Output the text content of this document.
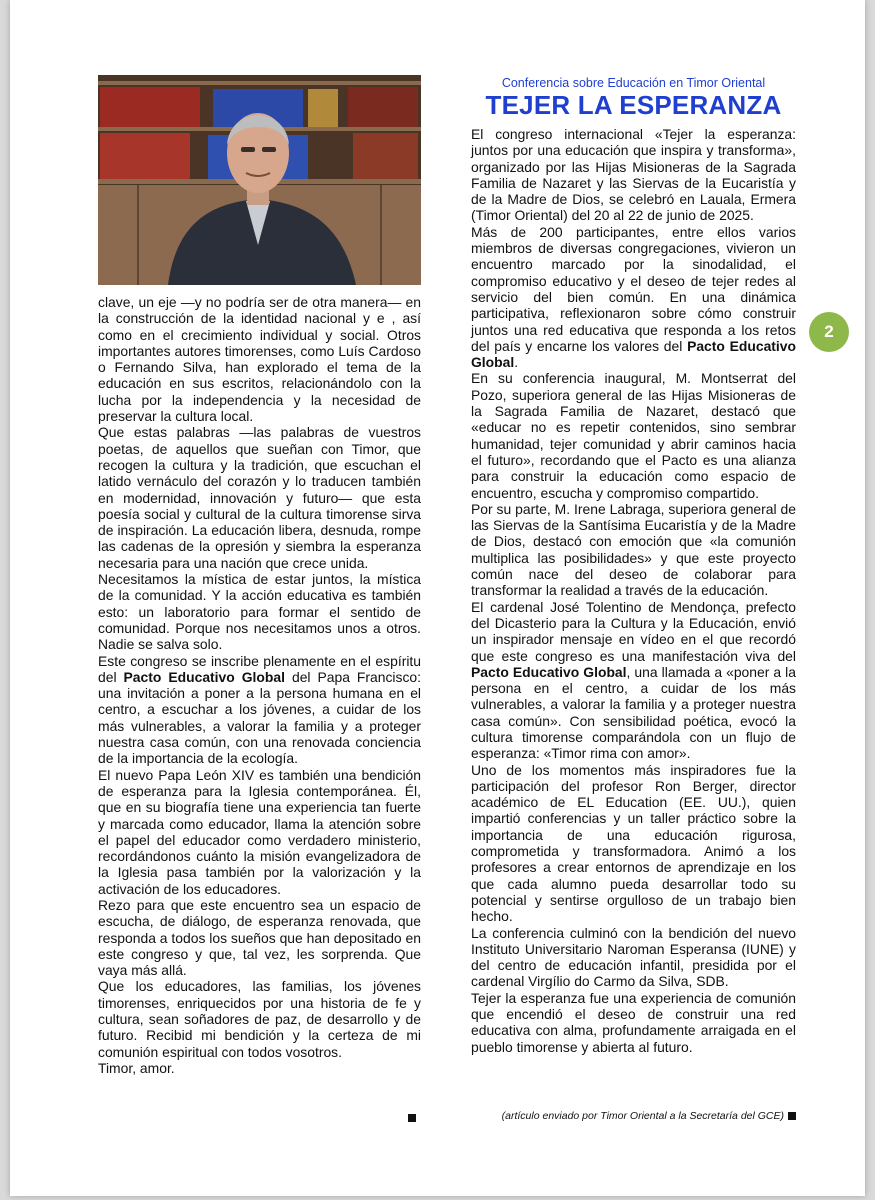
Conferencia sobre Educación en Timor Oriental
TEJER LA ESPERANZA

clave, un eje —y no podría ser de otra manera— en la construcción de la identidad nacional y e , así como en el crecimiento individual y social. Otros importantes autores timorenses, como Luís Cardoso o Fernando Silva, han explorado el tema de la educación en sus escritos, relacionándolo con la lucha por la independencia y la necesidad de preservar la cultura local.

Que estas palabras —las palabras de vuestros poetas, de aquellos que sueñan con Timor, que recogen la cultura y la tradición, que escuchan el latido vernáculo del corazón y lo traducen también en modernidad, innovación y futuro— que esta poesía social y cultural de la cultura timorense sirva de inspiración. La educación libera, desnuda, rompe las cadenas de la opresión y siembra la esperanza necesaria para una nación que crece unida.

Necesitamos la mística de estar juntos, la mística de la comunidad. Y la acción educativa es también esto: un laboratorio para formar el sentido de comunidad. Porque nos necesitamos unos a otros. Nadie se salva solo.

Este congreso se inscribe plenamente en el espíritu del Pacto Educativo Global del Papa Francisco: una invitación a poner a la persona humana en el centro, a escuchar a los jóvenes, a cuidar de los más vulnerables, a valorar la familia y a proteger nuestra casa común, con una renovada conciencia de la importancia de la ecología.

El nuevo Papa León XIV es también una bendición de esperanza para la Iglesia contemporánea. Él, que en su biografía tiene una experiencia tan fuerte y marcada como educador, llama la atención sobre el papel del educador como verdadero ministerio, recordándonos cuánto la misión evangelizadora de la Iglesia pasa también por la valorización y la activación de los educadores.

Rezo para que este encuentro sea un espacio de escucha, de diálogo, de esperanza renovada, que responda a todos los sueños que han depositado en este congreso y que, tal vez, les sorprenda. Que vaya más allá.

Que los educadores, las familias, los jóvenes timorenses, enriquecidos por una historia de fe y cultura, sean soñadores de paz, de desarrollo y de futuro. Recibid mi bendición y la certeza de mi comunión espiritual con todos vosotros.

Timor, amor.

El congreso internacional «Tejer la esperanza: juntos por una educación que inspira y transforma», organizado por las Hijas Misioneras de la Sagrada Familia de Nazaret y las Siervas de la Eucaristía y de la Madre de Dios, se celebró en Lauala, Ermera (Timor Oriental) del 20 al 22 de junio de 2025.

Más de 200 participantes, entre ellos varios miembros de diversas congregaciones, vivieron un encuentro marcado por la sinodalidad, el compromiso educativo y el deseo de tejer redes al servicio del bien común. En una dinámica participativa, reflexionaron sobre cómo construir juntos una red educativa que responda a los retos del país y encarne los valores del Pacto Educativo Global.

En su conferencia inaugural, M. Montserrat del Pozo, superiora general de las Hijas Misioneras de la Sagrada Familia de Nazaret, destacó que «educar no es repetir contenidos, sino sembrar humanidad, tejer comunidad y abrir caminos hacia el futuro», recordando que el Pacto es una alianza para construir la educación como espacio de encuentro, escucha y compromiso compartido.

Por su parte, M. Irene Labraga, superiora general de las Siervas de la Santísima Eucaristía y de la Madre de Dios, destacó con emoción que «la comunión multiplica las posibilidades» y que este proyecto común nace del deseo de colaborar para transformar la realidad a través de la educación.

El cardenal José Tolentino de Mendonça, prefecto del Dicasterio para la Cultura y la Educación, envió un inspirador mensaje en vídeo en el que recordó que este congreso es una manifestación viva del Pacto Educativo Global, una llamada a «poner a la persona en el centro, a cuidar de los más vulnerables, a valorar la familia y a proteger nuestra casa común». Con sensibilidad poética, evocó la cultura timorense comparándola con un flujo de esperanza: «Timor rima con amor».

Uno de los momentos más inspiradores fue la participación del profesor Ron Berger, director académico de EL Education (EE. UU.), quien impartió conferencias y un taller práctico sobre la importancia de una educación rigurosa, comprometida y transformadora. Animó a los profesores a crear entornos de aprendizaje en los que cada alumno pueda desarrollar todo su potencial y sentirse orgulloso de un trabajo bien hecho.

La conferencia culminó con la bendición del nuevo Instituto Universitario Naroman Esperansa (IUNE) y del centro de educación infantil, presidida por el cardenal Virgílio do Carmo da Silva, SDB.

Tejer la esperanza fue una experiencia de comunión que encendió el deseo de construir una red educativa con alma, profundamente arraigada en el pueblo timorense y abierta al futuro.

(artículo enviado por Timor Oriental a la Secretaría del GCE)
2
